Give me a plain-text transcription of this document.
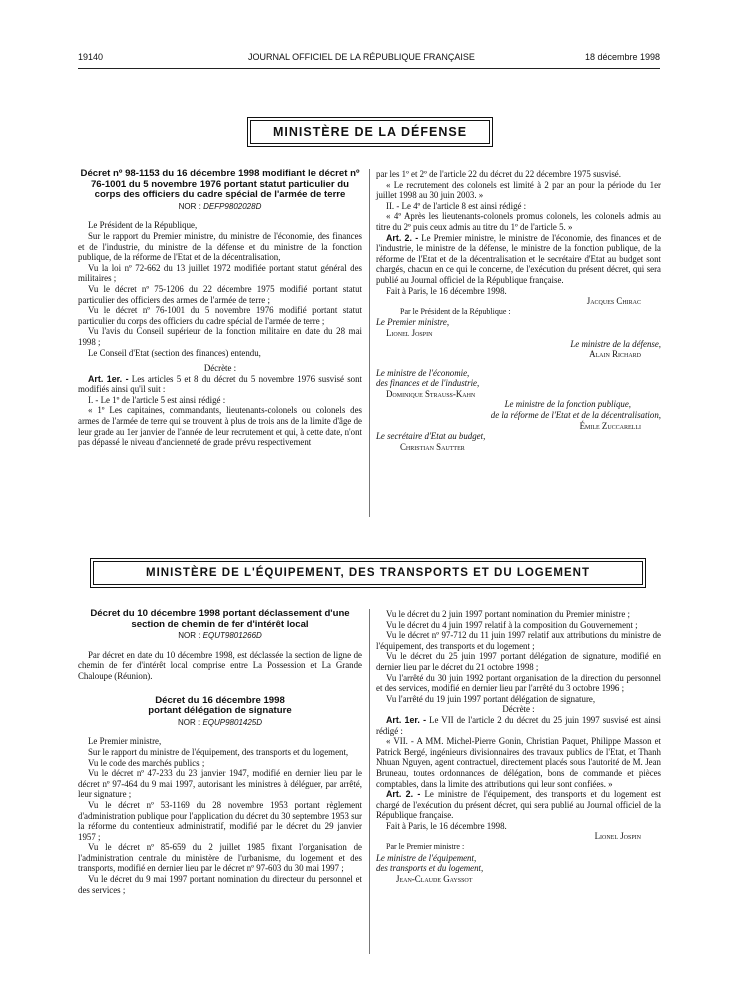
19140	JOURNAL OFFICIEL DE LA RÉPUBLIQUE FRANÇAISE	18 décembre 1998
MINISTÈRE DE LA DÉFENSE

Décret nº 98-1153 du 16 décembre 1998 modifiant le décret nº 76-1001 du 5 novembre 1976 portant statut particulier du corps des officiers du cadre spécial de l'armée de terre

NOR : DEFP9802028D

Le Président de la République,

Sur le rapport du Premier ministre, du ministre de l'économie, des finances et de l'industrie, du ministre de la défense et du ministre de la fonction publique, de la réforme de l'Etat et de la décentralisation,

Vu la loi nº 72-662 du 13 juillet 1972 modifiée portant statut général des militaires ;

Vu le décret nº 75-1206 du 22 décembre 1975 modifié portant statut particulier des officiers des armes de l'armée de terre ;

Vu le décret nº 76-1001 du 5 novembre 1976 modifié portant statut particulier du corps des officiers du cadre spécial de l'armée de terre ;

Vu l'avis du Conseil supérieur de la fonction militaire en date du 28 mai 1998 ;

Le Conseil d'Etat (section des finances) entendu,

Décrète :

Art. 1er. - Les articles 5 et 8 du décret du 5 novembre 1976 susvisé sont modifiés ainsi qu'il suit :

I. - Le 1º de l'article 5 est ainsi rédigé :

« 1º Les capitaines, commandants, lieutenants-colonels ou colonels des armes de l'armée de terre qui se trouvent à plus de trois ans de la limite d'âge de leur grade au 1er janvier de l'année de leur recrutement et qui, à cette date, n'ont pas dépassé le niveau d'ancienneté de grade prévu respectivement

par les 1º et 2º de l'article 22 du décret du 22 décembre 1975 susvisé.

« Le recrutement des colonels est limité à 2 par an pour la période du 1er juillet 1998 au 30 juin 2003. »

II. - Le 4º de l'article 8 est ainsi rédigé :

« 4º Après les lieutenants-colonels promus colonels, les colonels admis au titre du 2º puis ceux admis au titre du 1º de l'article 5. »

Art. 2. - Le Premier ministre, le ministre de l'économie, des finances et de l'industrie, le ministre de la défense, le ministre de la fonction publique, de la réforme de l'Etat et de la décentralisation et le secrétaire d'Etat au budget sont chargés, chacun en ce qui le concerne, de l'exécution du présent décret, qui sera publié au Journal officiel de la République française.

Fait à Paris, le 16 décembre 1998.

Jacques Chirac

Par le Président de la République :

Le Premier ministre,

Lionel Jospin

Le ministre de la défense,

Alain Richard

Le ministre de l'économie,

des finances et de l'industrie,

Dominique Strauss-Kahn

Le ministre de la fonction publique,

de la réforme de l'Etat et de la décentralisation,

Émile Zuccarelli

Le secrétaire d'Etat au budget,

Christian Sautter

MINISTÈRE DE L'ÉQUIPEMENT, DES TRANSPORTS ET DU LOGEMENT

Décret du 10 décembre 1998 portant déclassement d'une section de chemin de fer d'intérêt local

NOR : EQUT9801266D

Par décret en date du 10 décembre 1998, est déclassée la section de ligne de chemin de fer d'intérêt local comprise entre La Possession et La Grande Chaloupe (Réunion).

Décret du 16 décembre 1998

portant délégation de signature

NOR : EQUP9801425D

Le Premier ministre,

Sur le rapport du ministre de l'équipement, des transports et du logement,

Vu le code des marchés publics ;

Vu le décret nº 47-233 du 23 janvier 1947, modifié en dernier lieu par le décret nº 97-464 du 9 mai 1997, autorisant les ministres à déléguer, par arrêté, leur signature ;

Vu le décret nº 53-1169 du 28 novembre 1953 portant règlement d'administration publique pour l'application du décret du 30 septembre 1953 sur la réforme du contentieux administratif, modifié par le décret du 29 janvier 1957 ;

Vu le décret nº 85-659 du 2 juillet 1985 fixant l'organisation de l'administration centrale du ministère de l'urbanisme, du logement et des transports, modifié en dernier lieu par le décret nº 97-603 du 30 mai 1997 ;

Vu le décret du 9 mai 1997 portant nomination du directeur du personnel et des services ;

Vu le décret du 2 juin 1997 portant nomination du Premier ministre ;

Vu le décret du 4 juin 1997 relatif à la composition du Gouvernement ;

Vu le décret nº 97-712 du 11 juin 1997 relatif aux attributions du ministre de l'équipement, des transports et du logement ;

Vu le décret du 25 juin 1997 portant délégation de signature, modifié en dernier lieu par le décret du 21 octobre 1998 ;

Vu l'arrêté du 30 juin 1992 portant organisation de la direction du personnel et des services, modifié en dernier lieu par l'arrêté du 3 octobre 1996 ;

Vu l'arrêté du 19 juin 1997 portant délégation de signature,

Décrète :

Art. 1er. - Le VII de l'article 2 du décret du 25 juin 1997 susvisé est ainsi rédigé :

« VII. - A MM. Michel-Pierre Gonin, Christian Paquet, Philippe Masson et Patrick Bergé, ingénieurs divisionnaires des travaux publics de l'Etat, et Thanh Nhuan Nguyen, agent contractuel, directement placés sous l'autorité de M. Jean Bruneau, toutes ordonnances de délégation, bons de commande et pièces comptables, dans la limite des attributions qui leur sont confiées. »

Art. 2. - Le ministre de l'équipement, des transports et du logement est chargé de l'exécution du présent décret, qui sera publié au Journal officiel de la République française.

Fait à Paris, le 16 décembre 1998.

Lionel Jospin

Par le Premier ministre :

Le ministre de l'équipement,

des transports et du logement,

Jean-Claude Gayssot
